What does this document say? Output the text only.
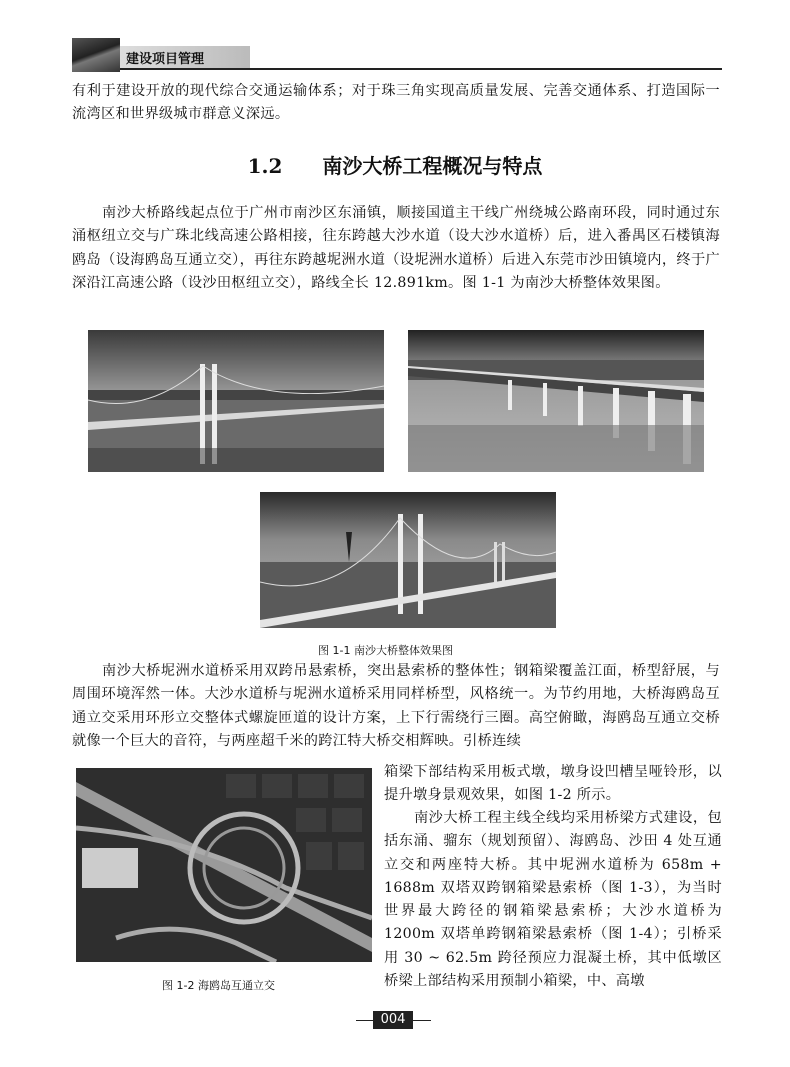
建设项目管理
有利于建设开放的现代综合交通运输体系；对于珠三角实现高质量发展、完善交通体系、打造国际一流湾区和世界级城市群意义深远。
1.2 南沙大桥工程概况与特点
南沙大桥路线起点位于广州市南沙区东涌镇，顺接国道主干线广州绕城公路南环段，同时通过东涌枢纽立交与广珠北线高速公路相接，往东跨越大沙水道（设大沙水道桥）后，进入番禺区石楼镇海鸥岛（设海鸥岛互通立交），再往东跨越坭洲水道（设坭洲水道桥）后进入东莞市沙田镇境内，终于广深沿江高速公路（设沙田枢纽立交），路线全长 12.891km。图 1-1 为南沙大桥整体效果图。
图 1-1 南沙大桥整体效果图
南沙大桥坭洲水道桥采用双跨吊悬索桥，突出悬索桥的整体性；钢箱梁覆盖江面，桥型舒展，与周围环境浑然一体。大沙水道桥与坭洲水道桥采用同样桥型，风格统一。为节约用地，大桥海鸥岛互通立交采用环形立交整体式螺旋匝道的设计方案，上下行需绕行三圈。高空俯瞰，海鸥岛互通立交桥就像一个巨大的音符，与两座超千米的跨江特大桥交相辉映。引桥连续
图 1-2 海鸥岛互通立交
箱梁下部结构采用板式墩，墩身设凹槽呈哑铃形，以提升墩身景观效果，如图 1-2 所示。
南沙大桥工程主线全线均采用桥梁方式建设，包括东涌、骝东（规划预留）、海鸥岛、沙田 4 处互通立交和两座特大桥。其中坭洲水道桥为 658m + 1688m 双塔双跨钢箱梁悬索桥（图 1-3），为当时世界最大跨径的钢箱梁悬索桥；大沙水道桥为 1200m 双塔单跨钢箱梁悬索桥（图 1-4）；引桥采用 30 ~ 62.5m 跨径预应力混凝土桥，其中低墩区桥梁上部结构采用预制小箱梁，中、高墩
004
